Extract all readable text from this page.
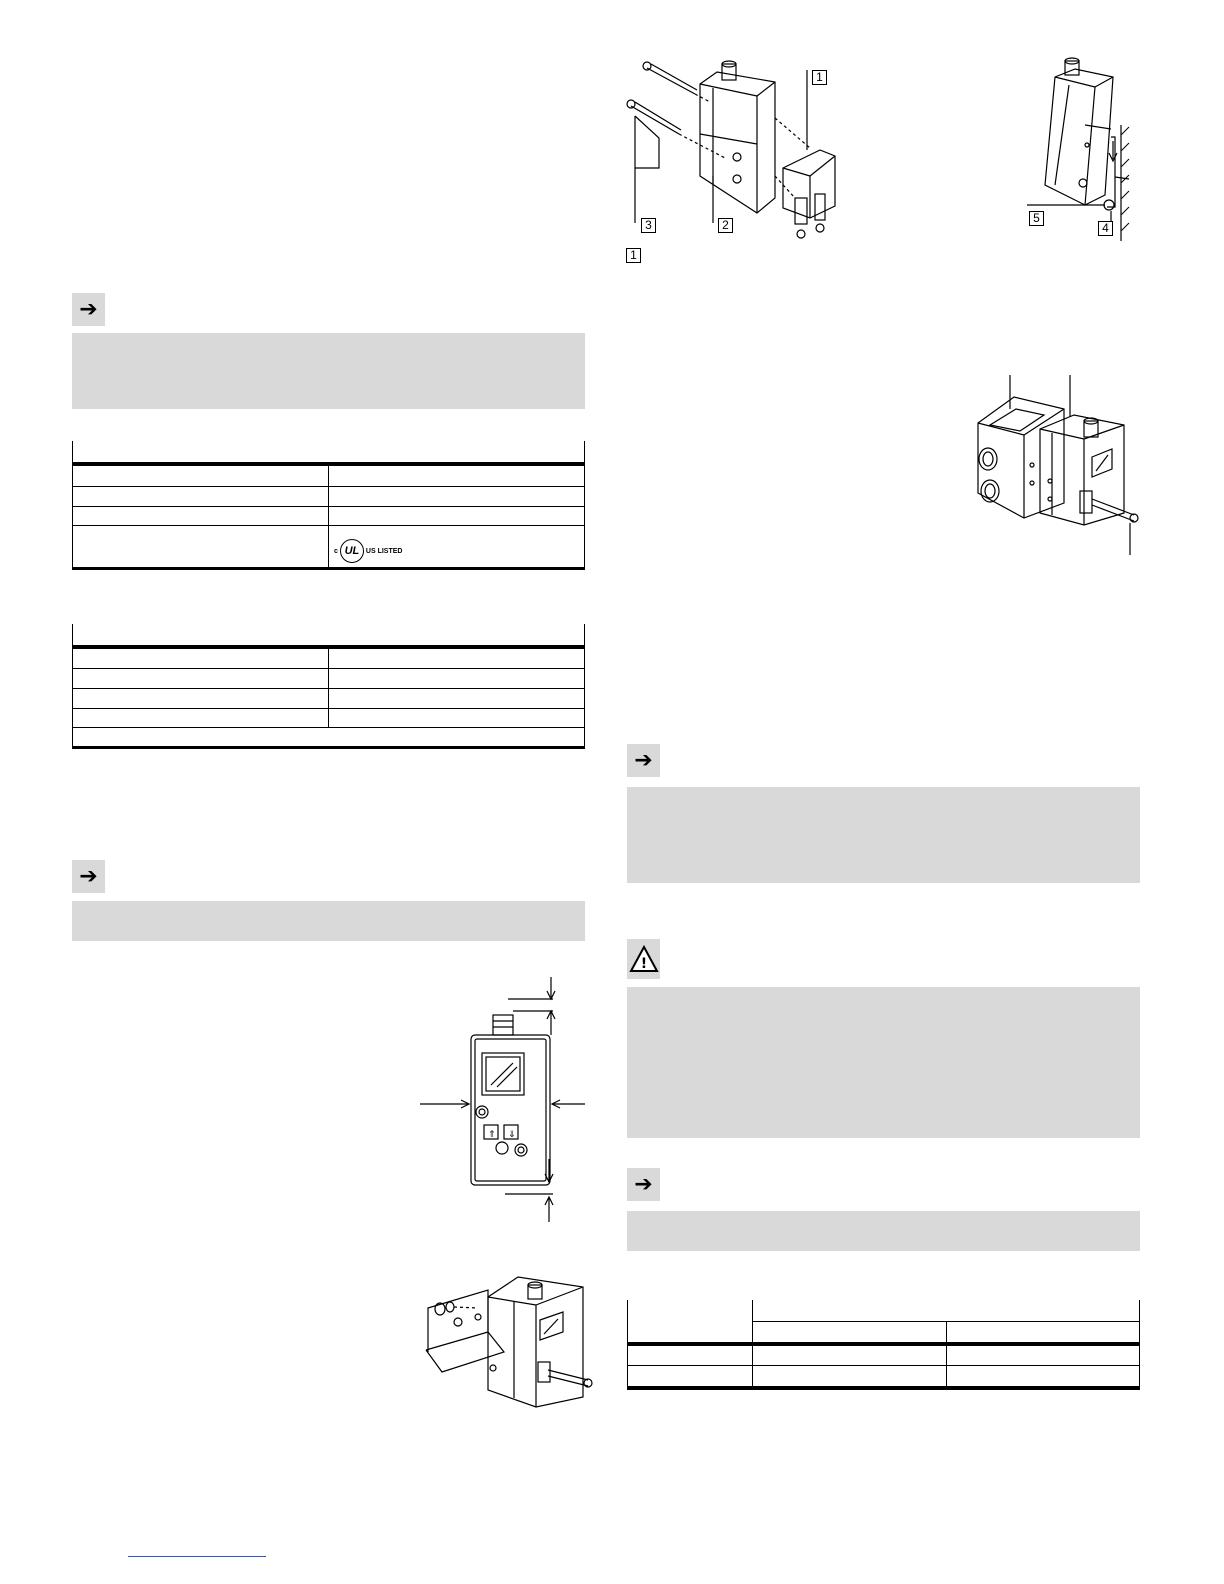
➔
c UL US LISTED
➔
⇑ ⇓
1
2
3
1
5
4
➔
!
➔
